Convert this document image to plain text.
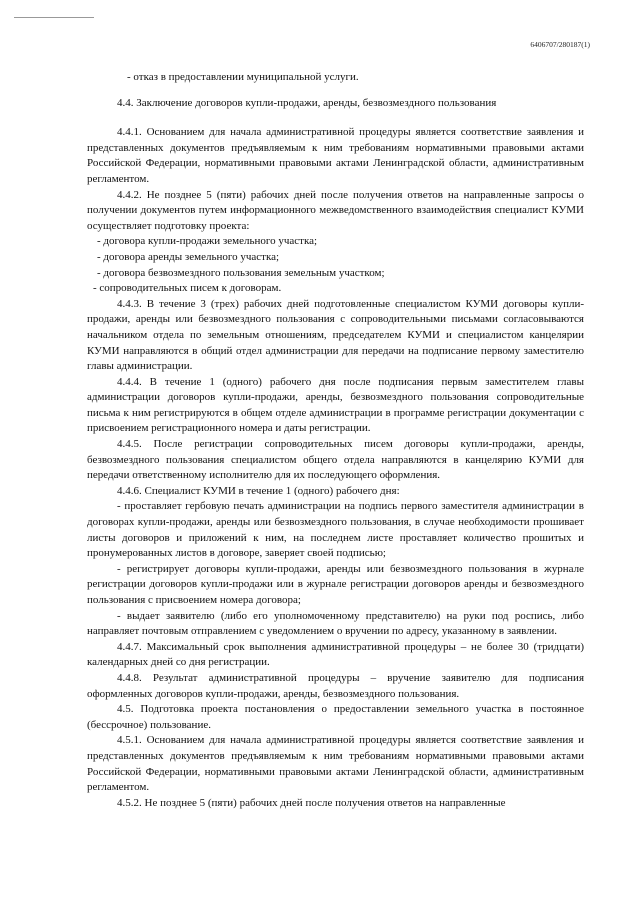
6406707/280187(1)

- отказ в предоставлении муниципальной услуги.

4.4. Заключение договоров купли-продажи, аренды, безвозмездного пользования

4.4.1. Основанием для начала административной процедуры является соответствие заявления и представленных документов предъявляемым к ним требованиям нормативными правовыми актами Российской Федерации, нормативными правовыми актами Ленинградской области, административным регламентом.

4.4.2. Не позднее 5 (пяти) рабочих дней после получения ответов на направленные запросы о получении документов путем информационного межведомственного взаимодействия специалист КУМИ осуществляет подготовку проекта:

- договора купли-продажи земельного участка;

- договора аренды земельного участка;

- договора безвозмездного пользования земельным участком;

- сопроводительных писем к договорам.

4.4.3. В течение 3 (трех) рабочих дней подготовленные специалистом КУМИ договоры купли-продажи, аренды или безвозмездного пользования с сопроводительными письмами согласовываются начальником отдела по земельным отношениям, председателем КУМИ и специалистом канцелярии КУМИ направляются в общий отдел администрации для передачи на подписание первому заместителю главы администрации.

4.4.4. В течение 1 (одного) рабочего дня после подписания первым заместителем главы администрации договоров купли-продажи, аренды, безвозмездного пользования сопроводительные письма к ним регистрируются в общем отделе администрации в программе регистрации документации с присвоением регистрационного номера и даты регистрации.

4.4.5. После регистрации сопроводительных писем договоры купли-продажи, аренды, безвозмездного пользования специалистом общего отдела направляются в канцелярию КУМИ для передачи ответственному исполнителю для их последующего оформления.

4.4.6. Специалист КУМИ в течение 1 (одного) рабочего дня:

- проставляет гербовую печать администрации на подпись первого заместителя администрации в договорах купли-продажи, аренды или безвозмездного пользования, в случае необходимости прошивает листы договоров и приложений к ним, на последнем листе проставляет количество прошитых и пронумерованных листов в договоре, заверяет своей подписью;

- регистрирует договоры купли-продажи, аренды или безвозмездного пользования в журнале регистрации договоров купли-продажи или в журнале регистрации договоров аренды и безвозмездного пользования с присвоением номера договора;

- выдает заявителю (либо его уполномоченному представителю) на руки под роспись, либо направляет почтовым отправлением с уведомлением о вручении по адресу, указанному в заявлении.

4.4.7. Максимальный срок выполнения административной процедуры – не более 30 (тридцати) календарных дней со дня регистрации.

4.4.8. Результат административной процедуры – вручение заявителю для подписания оформленных договоров купли-продажи, аренды, безвозмездного пользования.

4.5. Подготовка проекта постановления о предоставлении земельного участка в постоянное (бессрочное) пользование.

4.5.1. Основанием для начала административной процедуры является соответствие заявления и представленных документов предъявляемым к ним требованиям нормативными правовыми актами Российской Федерации, нормативными правовыми актами Ленинградской области, административным регламентом.

4.5.2. Не позднее 5 (пяти) рабочих дней после получения ответов на направленные
